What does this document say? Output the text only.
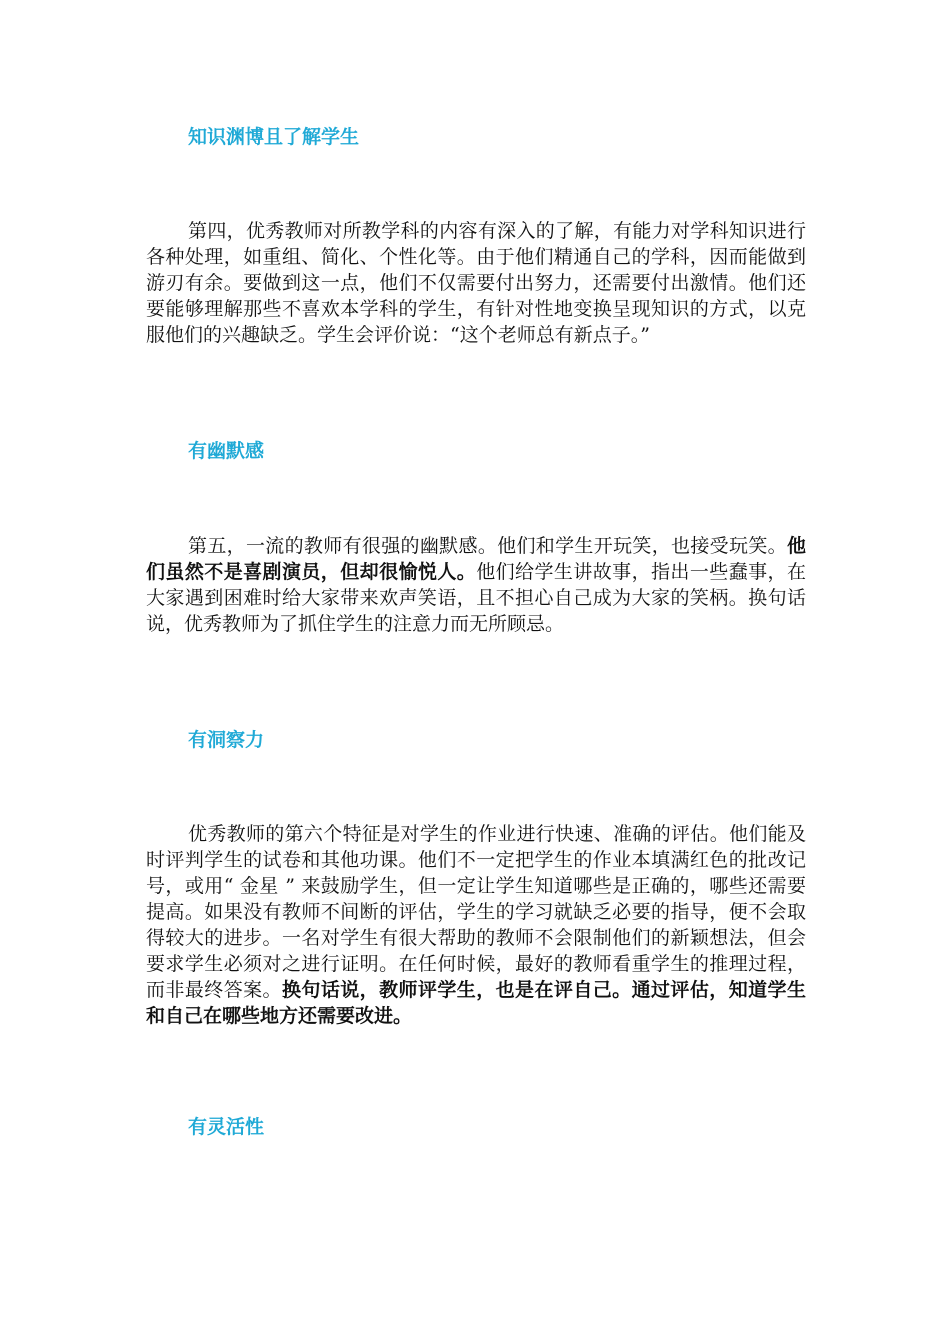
知识渊博且了解学生

第四，优秀教师对所教学科的内容有深入的了解，有能力对学科知识进行各种处理，如重组、简化、个性化等。由于他们精通自己的学科，因而能做到游刃有余。要做到这一点，他们不仅需要付出努力，还需要付出激情。他们还要能够理解那些不喜欢本学科的学生，有针对性地变换呈现知识的方式，以克服他们的兴趣缺乏。学生会评价说：“这个老师总有新点子。”

有幽默感

第五，一流的教师有很强的幽默感。他们和学生开玩笑，也接受玩笑。他们虽然不是喜剧演员，但却很愉悦人。他们给学生讲故事，指出一些蠢事，在大家遇到困难时给大家带来欢声笑语，且不担心自己成为大家的笑柄。换句话说，优秀教师为了抓住学生的注意力而无所顾忌。

有洞察力

优秀教师的第六个特征是对学生的作业进行快速、准确的评估。他们能及时评判学生的试卷和其他功课。他们不一定把学生的作业本填满红色的批改记号，或用“ 金星 ” 来鼓励学生，但一定让学生知道哪些是正确的，哪些还需要提高。如果没有教师不间断的评估，学生的学习就缺乏必要的指导，便不会取得较大的进步。一名对学生有很大帮助的教师不会限制他们的新颖想法，但会要求学生必须对之进行证明。在任何时候，最好的教师看重学生的推理过程，而非最终答案。换句话说，教师评学生，也是在评自己。通过评估，知道学生和自己在哪些地方还需要改进。

有灵活性
